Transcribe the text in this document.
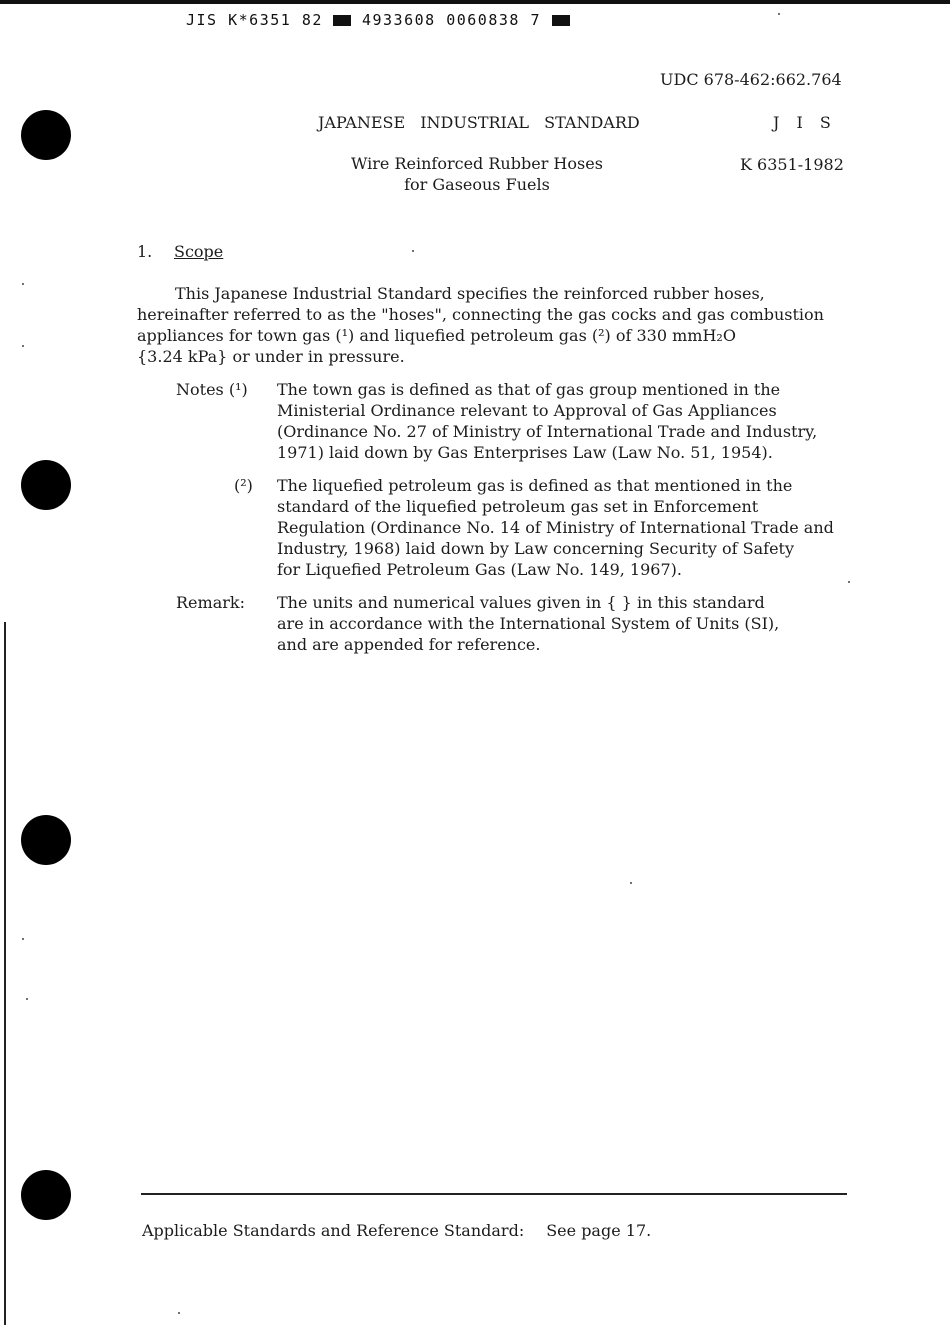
JIS K*6351 82	4933608 0060838 7
UDC 678-462:662.764
JAPANESE INDUSTRIAL STANDARD	J I S
Wire Reinforced Rubber Hoses
for Gaseous Fuels
K 6351-1982
1. Scope
This Japanese Industrial Standard specifies the reinforced rubber hoses,
hereinafter referred to as the "hoses", connecting the gas cocks and gas combustion
appliances for town gas (¹) and liquefied petroleum gas (²) of 330 mmH₂O
{3.24 kPa} or under in pressure.
Notes (¹) The town gas is defined as that of gas group mentioned in the
Ministerial Ordinance relevant to Approval of Gas Appliances
(Ordinance No. 27 of Ministry of International Trade and Industry,
1971) laid down by Gas Enterprises Law (Law No. 51, 1954).
(²) The liquefied petroleum gas is defined as that mentioned in the
standard of the liquefied petroleum gas set in Enforcement
Regulation (Ordinance No. 14 of Ministry of International Trade and
Industry, 1968) laid down by Law concerning Security of Safety
for Liquefied Petroleum Gas (Law No. 149, 1967).
Remark: The units and numerical values given in { } in this standard
are in accordance with the International System of Units (SI),
and are appended for reference.
Applicable Standards and Reference Standard: See page 17.
